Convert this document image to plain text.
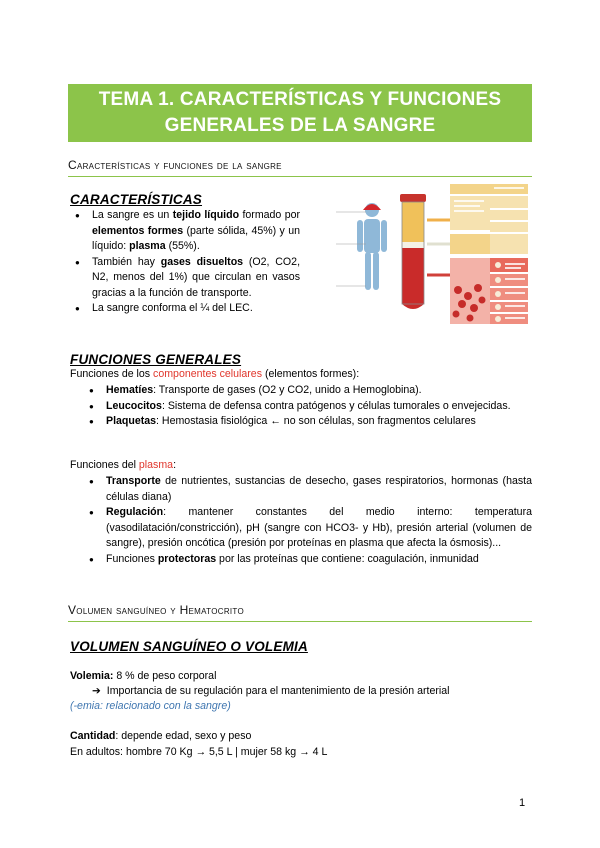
TEMA 1. CARACTERÍSTICAS Y FUNCIONES
GENERALES DE LA SANGRE
Características y funciones de la sangre
CARACTERÍSTICAS
● La sangre es un tejido líquido formado por elementos formes (parte sólida, 45%) y un líquido: plasma (55%).
● También hay gases disueltos (O2, CO2, N2, menos del 1%) que circulan en vasos gracias a la función de transporte.
● La sangre conforma el ¼ del LEC.
FUNCIONES GENERALES
Funciones de los componentes celulares (elementos formes):
● Hematíes: Transporte de gases (O2 y CO2, unido a Hemoglobina).
● Leucocitos: Sistema de defensa contra patógenos y células tumorales o envejecidas.
● Plaquetas: Hemostasia fisiológica ← no son células, son fragmentos celulares
Funciones del plasma:
● Transporte de nutrientes, sustancias de desecho, gases respiratorios, hormonas (hasta células diana)
● Regulación: mantener constantes del medio interno: temperatura (vasodilatación/constricción), pH (sangre con HCO3- y Hb), presión arterial (volumen de sangre), presión oncótica (presión por proteínas en plasma que afecta la ósmosis)...
● Funciones protectoras por las proteínas que contiene: coagulación, inmunidad
Volumen sanguíneo y Hematocrito
VOLUMEN SANGUÍNEO O VOLEMIA
Volemia: 8 % de peso corporal
➔ Importancia de su regulación para el mantenimiento de la presión arterial
(-emia: relacionado con la sangre)
Cantidad: depende edad, sexo y peso
En adultos: hombre 70 Kg → 5,5 L | mujer 58 kg → 4 L
1
